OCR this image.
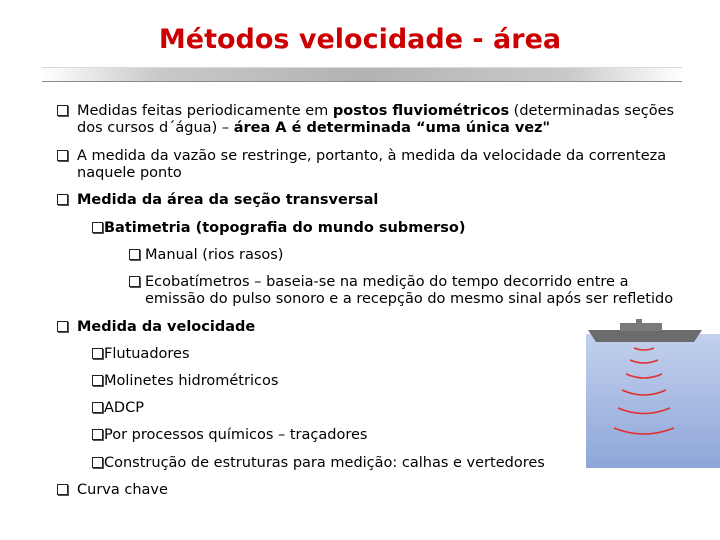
Métodos velocidade - área
Medidas feitas periodicamente em postos fluviométricos (determinadas seções
dos cursos d´água) – área A é determinada “uma única vez"
A medida da vazão se restringe, portanto, à medida da velocidade da correnteza
naquele ponto
Medida da área da seção transversal
Batimetria (topografia do mundo submerso)
Manual (rios rasos)
Ecobatímetros – baseia-se na medição do tempo decorrido entre a
emissão do pulso sonoro e a recepção do mesmo sinal após ser refletido
Medida da velocidade
Flutuadores
Molinetes hidrométricos
ADCP
Por processos químicos – traçadores
Construção de estruturas para medição: calhas e vertedores
Curva chave
